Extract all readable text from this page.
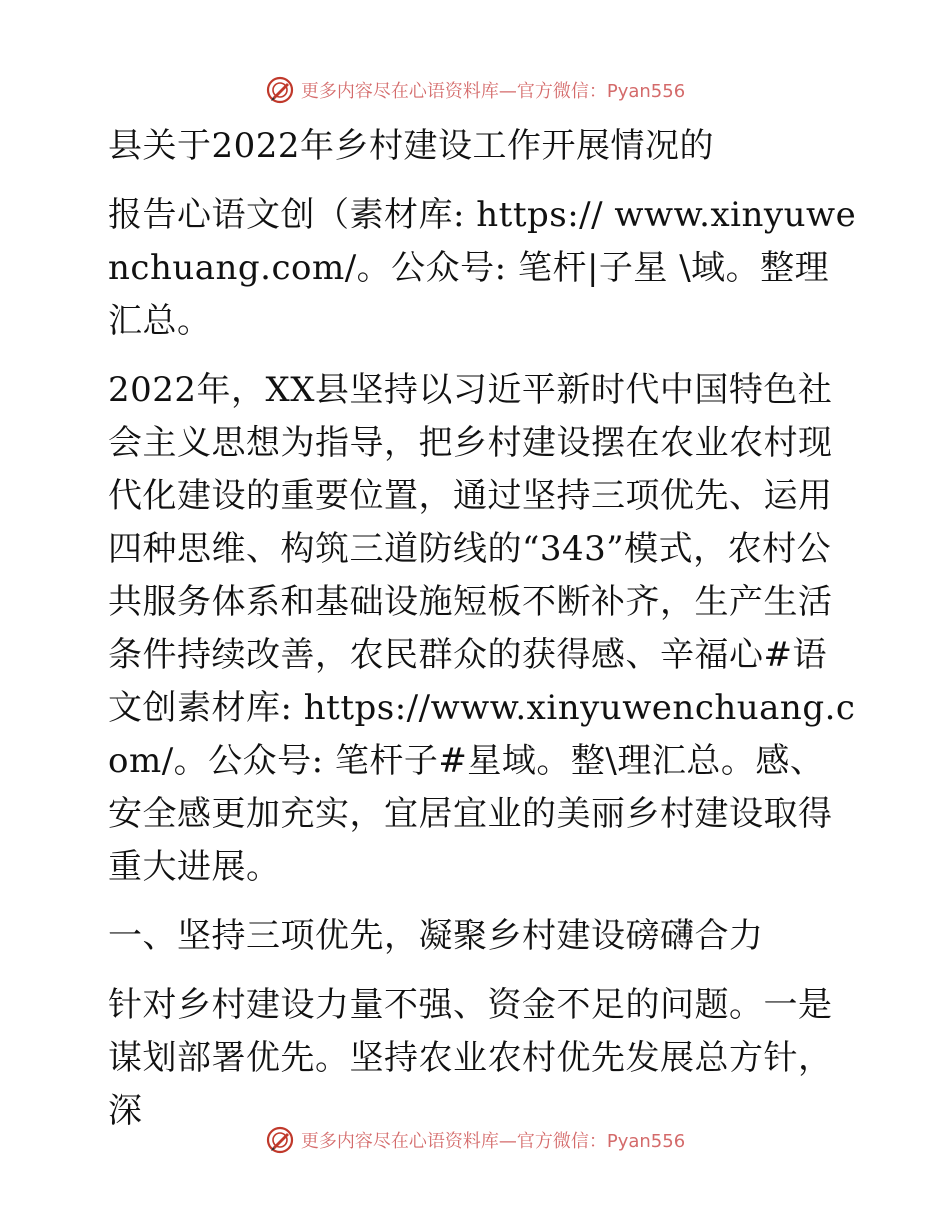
更多内容尽在心语资料库—官方微信：Pyan556

县关于2022年乡村建设工作开展情况的

报告心语文创（素材库: https:// www.xinyuwenchuang.com/。公众号: 笔杆|子星 \域。整理汇总。

2022年，XX县坚持以习近平新时代中国特色社会主义思想为指导，把乡村建设摆在农业农村现代化建设的重要位置，通过坚持三项优先、运用四种思维、构筑三道防线的“343”模式，农村公共服务体系和基础设施短板不断补齐，生产生活条件持续改善，农民群众的获得感、辛福心#语文创素材库: https://www.xinyuwenchuang.com/。公众号: 笔杆子#星域。整\理汇总。感、安全感更加充实，宜居宜业的美丽乡村建设取得重大进展。

一、坚持三项优先，凝聚乡村建设磅礴合力

针对乡村建设力量不强、资金不足的问题。一是谋划部署优先。坚持农业农村优先发展总方针，深

更多内容尽在心语资料库—官方微信：Pyan556
